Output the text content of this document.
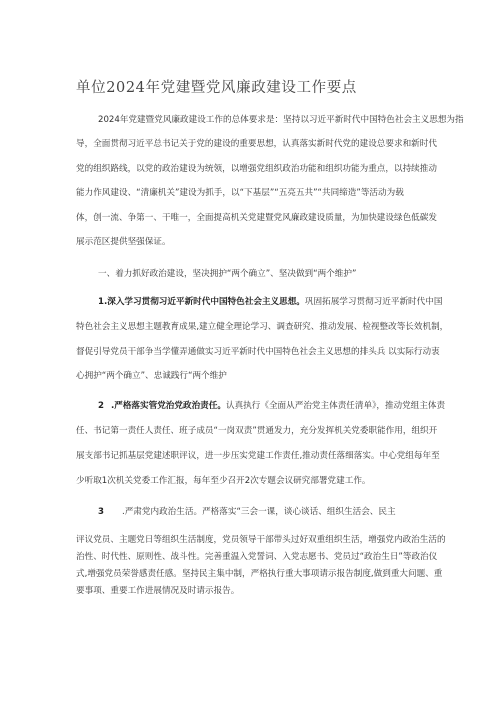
单位2024年党建暨党风廉政建设工作要点
2024年党建暨党风廉政建设工作的总体要求是：坚持以习近平新时代中国特色社会主义思想为指
导，全面贯彻习近平总书记关于党的建设的重要思想，认真落实新时代党的建设总要求和新时代
党的组织路线，以党的政治建设为统领，以增强党组织政治功能和组织功能为重点，以持续推动
能力作风建设、“清廉机关”建设为抓手，以“下基层”“五亮五共”“共同缔造”等活动为载
体，创一流、争第一、干唯一，全面提高机关党建暨党风廉政建设质量，为加快建设绿色低碳发
展示范区提供坚强保证。
一、着力抓好政治建设，坚决拥护“两个确立”、坚决做到“两个维护”
1.深入学习贯彻习近平新时代中国特色社会主义思想。巩固拓展学习贯彻习近平新时代中国
特色社会主义思想主题教育成果,建立健全理论学习、调查研究、推动发展、检视整改等长效机制，
督促引导党员干部争当学懂弄通做实习近平新时代中国特色社会主义思想的排头兵 以实际行动衷
心拥护“两个确立”、忠诚践行“两个维护
2 .严格落实管党治党政治责任。认真执行《全面从严治党主体责任清单》，推动党组主体责
任、书记第一责任人责任、班子成员“一岗双责”贯通发力，充分发挥机关党委职能作用，组织开
展支部书记抓基层党建述职评议，进一步压实党建工作责任,推动责任落细落实。中心党组每年至
少听取1次机关党委工作汇报，每年至少召开2次专题会议研究部署党建工作。
3 .严肃党内政治生活。严格落实“三会一课，谈心谈话、组织生活会、民主
评议党员、主题党日等组织生活制度，党员领导干部带头过好双重组织生活，增强党内政治生活的
治性、时代性、原则性、战斗性。完善重温入党誓词、入党志愿书、党员过“政治生日”等政治仪
式,增强党员荣誉感责任感。坚持民主集中制，严格执行重大事项请示报告制度,做到重大问题、重
要事项、重要工作进展情况及时请示报告。
